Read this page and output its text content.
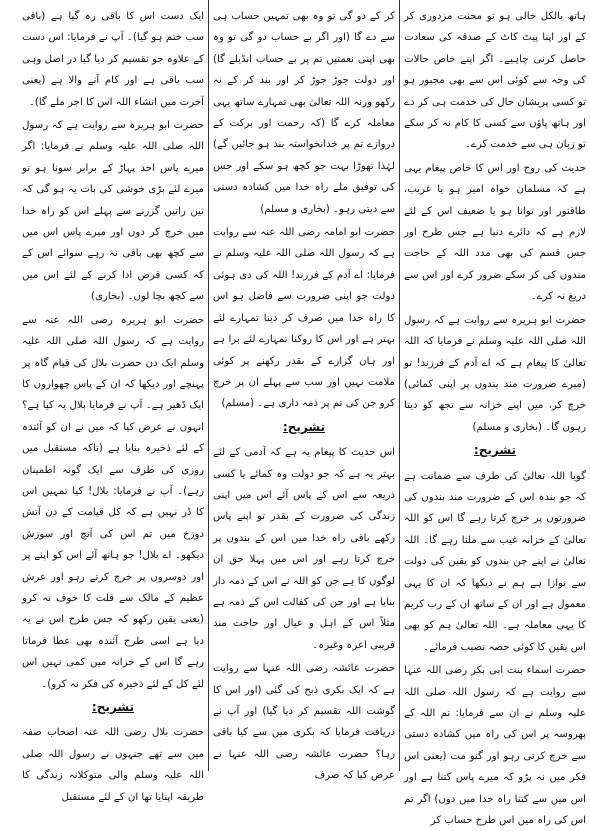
ہاتھ بالکل خالی ہو تو محنت مزدوری کر کے اور اپنا پیٹ کاٹ کے صدقہ کی سعادت حاصل کرنی چاہیے۔ اگر اپنے خاص حالات کی وجہ سے کوئی اس سے بھی مجبور ہو تو کسی پریشان حال کی خدمت ہی کر دے اور ہاتھ پاؤں سے کسی کا کام نہ کر سکے تو زبان ہی سے خدمت کرے۔

حدیث کی روح اور اس کا خاص پیغام یہی ہے کہ مسلمان خواہ امیر ہو یا غریب، طاقتور اور توانا ہو یا ضعیف اس کے لئے لازم ہے کہ دائرے دنیا ہے جس طرح اور جس قسم کی بھی مدد اللہ کے حاجت مندوں کی کر سکے ضرور کرے اور اس سے دریغ نہ کرے۔

حضرت ابو ہریرہ سے روایت ہے کہ رسول اللہ صلی اللہ علیہ وسلم نے فرمایا کہ اللہ تعالیٰ کا پیغام ہے کہ اے آدم کے فرزند! تو (میرے ضرورت مند بندوں پر اپنی کمائی) خرچ کر، میں اپنے خزانہ سے تجھ کو دیتا رہوں گا۔ (بخاری و مسلم)

تشریح:

گویا اللہ تعالیٰ کی طرف سے ضمانت ہے کہ جو بندہ اس کے ضرورت مند بندوں کی ضرورتوں پر خرچ کرتا رہے گا اس کو اللہ تعالیٰ کے خزانہ غیب سے ملتا رہے گا۔ اللہ تعالیٰ نے اپنے جن بندوں کو یقین کی دولت سے نوازا ہے ہم نے دیکھا کہ ان کا یہی معمول ہے اور ان کے ساتھ ان کے رب کریم کا یہی معاملہ ہے۔ اللہ تعالیٰ ہم کو بھی اس یقین کا کوئی حصہ نصیب فرمائے۔

حضرت اسماء بنت ابی بکر رضی اللہ عنہا سے روایت ہے کہ رسول اللہ صلی اللہ علیہ وسلم نے ان سے فرمایا: تم اللہ کے بھروسہ پر اس کی راہ میں کشادہ دستی سے خرچ کرتی رہو اور گنو مت (یعنی اس فکر میں نہ پڑو کہ میرے پاس کتنا ہے اور اس میں سے کتنا راہ خدا میں دوں) اگر تم اس کی راہ میں اس طرح حساب کر

کر کے دو گی تو وہ بھی تمہیں حساب ہی سے دے گا (اور اگر بے حساب دو گی تو وہ بھی اپنی نعمتیں تم پر بے حساب انڈیلے گا) اور دولت جوڑ جوڑ کر اور بند کر کے نہ رکھو ورنہ اللہ تعالیٰ بھی تمہارے ساتھ یہی معاملہ کرے گا (کہ رحمت اور برکت کے دروازے تم پر خدانخواستہ بند ہو جائیں گے) لہٰذا تھوڑا بہت جو کچھ ہو سکے اور جس کی توفیق ملے راہ خدا میں کشادہ دستی سے دیتی رہو۔ (بخاری و مسلم)

حضرت ابو امامہ رضی اللہ عنہ سے روایت ہے کہ رسول اللہ صلی اللہ علیہ وسلم نے فرمایا: اے آدم کے فرزند! اللہ کی دی ہوئی دولت جو اپنی ضرورت سے فاضل ہو اس کا راہ خدا میں صرف کر دینا تمہارے لئے بہتر ہے اور اس کا روکنا تمہارے لئے برا ہے اور ہاں گزارے کے بقدر رکھنے پر کوئی ملامت نہیں اور سب سے پہلے ان پر خرچ کرو جن کی تم پر ذمہ داری ہے۔ (مسلم)

تشریح:

اس حدیث کا پیغام یہ ہے کہ آدمی کے لئے بہتر یہ ہے کہ جو دولت وہ کمائے یا کسی ذریعہ سے اس کے پاس آئے اس میں اپنی زندگی کی ضرورت کے بقدر تو اپنے پاس رکھے باقی راہ خدا میں اس کے بندوں پر خرچ کرتا رہے اور اس میں پہلا حق ان لوگوں کا ہے جن کو اللہ نے اس کے ذمہ دار بنایا ہے اور جن کی کفالت اس کے ذمہ ہے مثلاً اس کے اہل و عیال اور حاجت مند قریبی اعزہ وغیرہ۔

حضرت عائشہ رضی اللہ عنہا سے روایت ہے کہ ایک بکری ذبح کی گئی (اور اس کا گوشت اللہ تقسیم کر دیا گیا) اور آپ نے دریافت فرمایا کہ بکری میں سے کیا باقی رہا؟ حضرت عائشہ رضی اللہ عنہا نے عرض کیا کہ صرف

ایک دست اس کا باقی رہ گیا ہے (باقی سب ختم ہو گیا)۔ آپ نے فرمایا: اس دست کے علاوہ جو تقسیم کر دیا گیا در اصل وہی سب باقی ہے اور کام آنے والا ہے (یعنی آخرت میں انشاء اللہ اس کا اجر ملے گا)۔

حضرت ابو ہریرہ سے روایت ہے کہ رسول اللہ صلی اللہ علیہ وسلم نے فرمایا: اگر میرے پاس احد پہاڑ کے برابر سونا ہو تو میرے لئے بڑی خوشی کی بات یہ ہو گی کہ تین راتیں گزرنے سے پہلے اس کو راہ خدا میں خرچ کر دوں اور میرے پاس اس میں سے کچھ بھی باقی نہ رہے سوائے اس کے کہ کسی قرض ادا کرنے کے لئے اس میں سے کچھ بچا لوں۔ (بخاری)

حضرت ابو ہریرہ رضی اللہ عنہ سے روایت ہے کہ رسول اللہ صلی اللہ علیہ وسلم ایک دن حضرت بلال کی قیام گاہ پر پہنچے اور دیکھا کہ ان کے پاس چھواروں کا ایک ڈھیر ہے۔ آپ نے فرمایا بلال یہ کیا ہے؟ انہوں نے عرض کیا کہ میں نے ان کو آئندہ کے لئے ذخیرہ بنایا ہے (تاکہ مستقبل میں روزی کی طرف سے ایک گونہ اطمینان رہے)۔ آپ نے فرمایا: بلال! کیا تمہیں اس کا ڈر نہیں ہے کہ کل قیامت کے دن آتش دوزخ میں تم اس کی آنچ اور سوزش دیکھو۔ اے بلال! جو ہاتھ آئے اس کو اپنے پر اور دوسروں پر خرچ کرتے رہو اور عرش عظیم کے مالک سے قلت کا خوف نہ کرو (یعنی یقین رکھو کہ جس طرح اس نے یہ دیا ہے اسی طرح آئندہ بھی عطا فرماتا رہے گا اس کے خزانہ میں کمی نہیں اس لئے کل کے لئے ذخیرہ کی فکر نہ کرو)۔

تشریح:

حضرت بلال رضی اللہ عنہ اصحاب صفہ میں سے تھے جنہوں نے رسول اللہ صلی اللہ علیہ وسلم والی متوکلانہ زندگی کا طریقہ اپنایا تھا ان کے لئے مستقبل
